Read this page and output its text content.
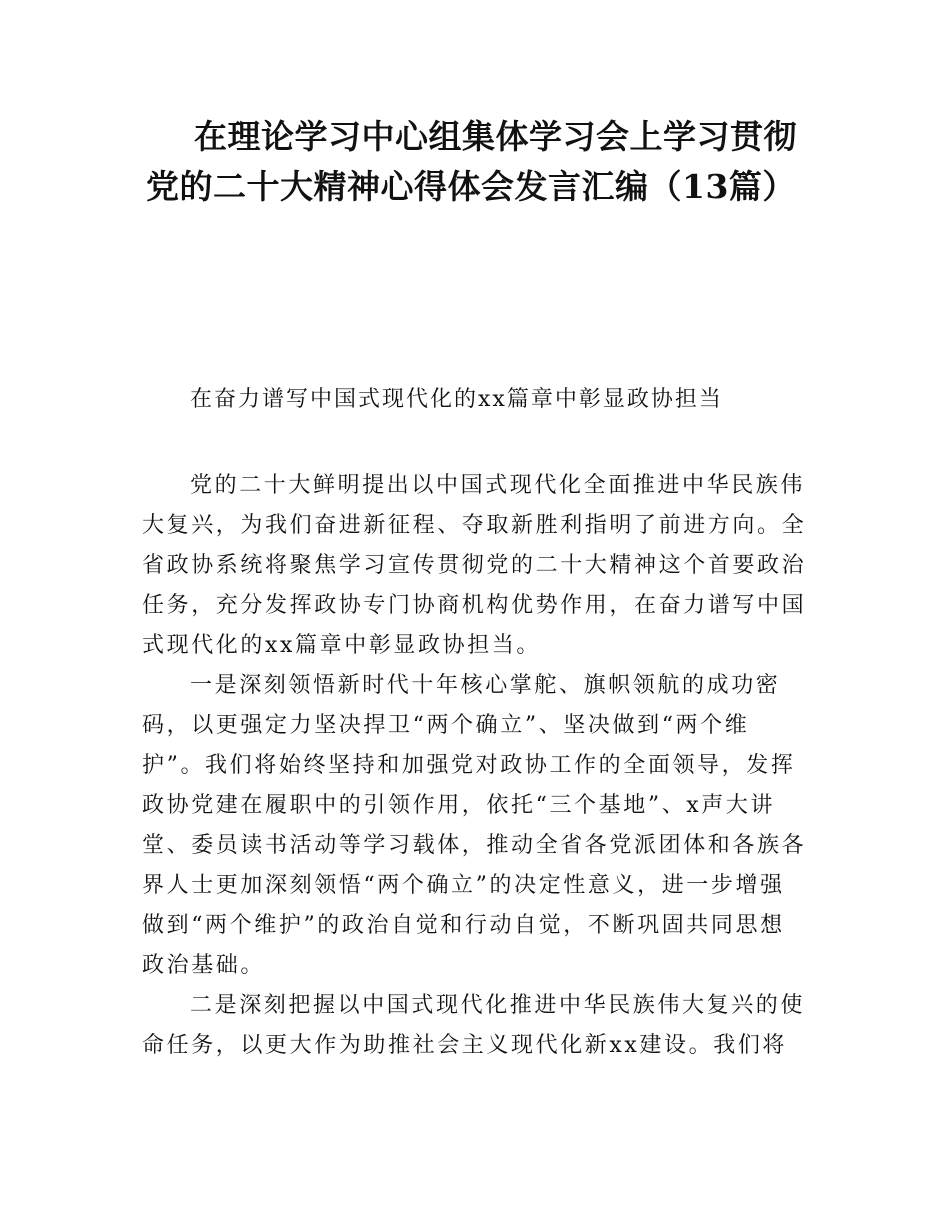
在理论学习中心组集体学习会上学习贯彻
党的二十大精神心得体会发言汇编（13篇）

在奋力谱写中国式现代化的xx篇章中彰显政协担当

党的二十大鲜明提出以中国式现代化全面推进中华民族伟
大复兴，为我们奋进新征程、夺取新胜利指明了前进方向。全
省政协系统将聚焦学习宣传贯彻党的二十大精神这个首要政治
任务，充分发挥政协专门协商机构优势作用，在奋力谱写中国
式现代化的xx篇章中彰显政协担当。

一是深刻领悟新时代十年核心掌舵、旗帜领航的成功密
码，以更强定力坚决捍卫“两个确立”、坚决做到“两个维
护”。我们将始终坚持和加强党对政协工作的全面领导，发挥
政协党建在履职中的引领作用，依托“三个基地”、x声大讲
堂、委员读书活动等学习载体，推动全省各党派团体和各族各
界人士更加深刻领悟“两个确立”的决定性意义，进一步增强
做到“两个维护”的政治自觉和行动自觉，不断巩固共同思想
政治基础。

二是深刻把握以中国式现代化推进中华民族伟大复兴的使
命任务，以更大作为助推社会主义现代化新xx建设。我们将
